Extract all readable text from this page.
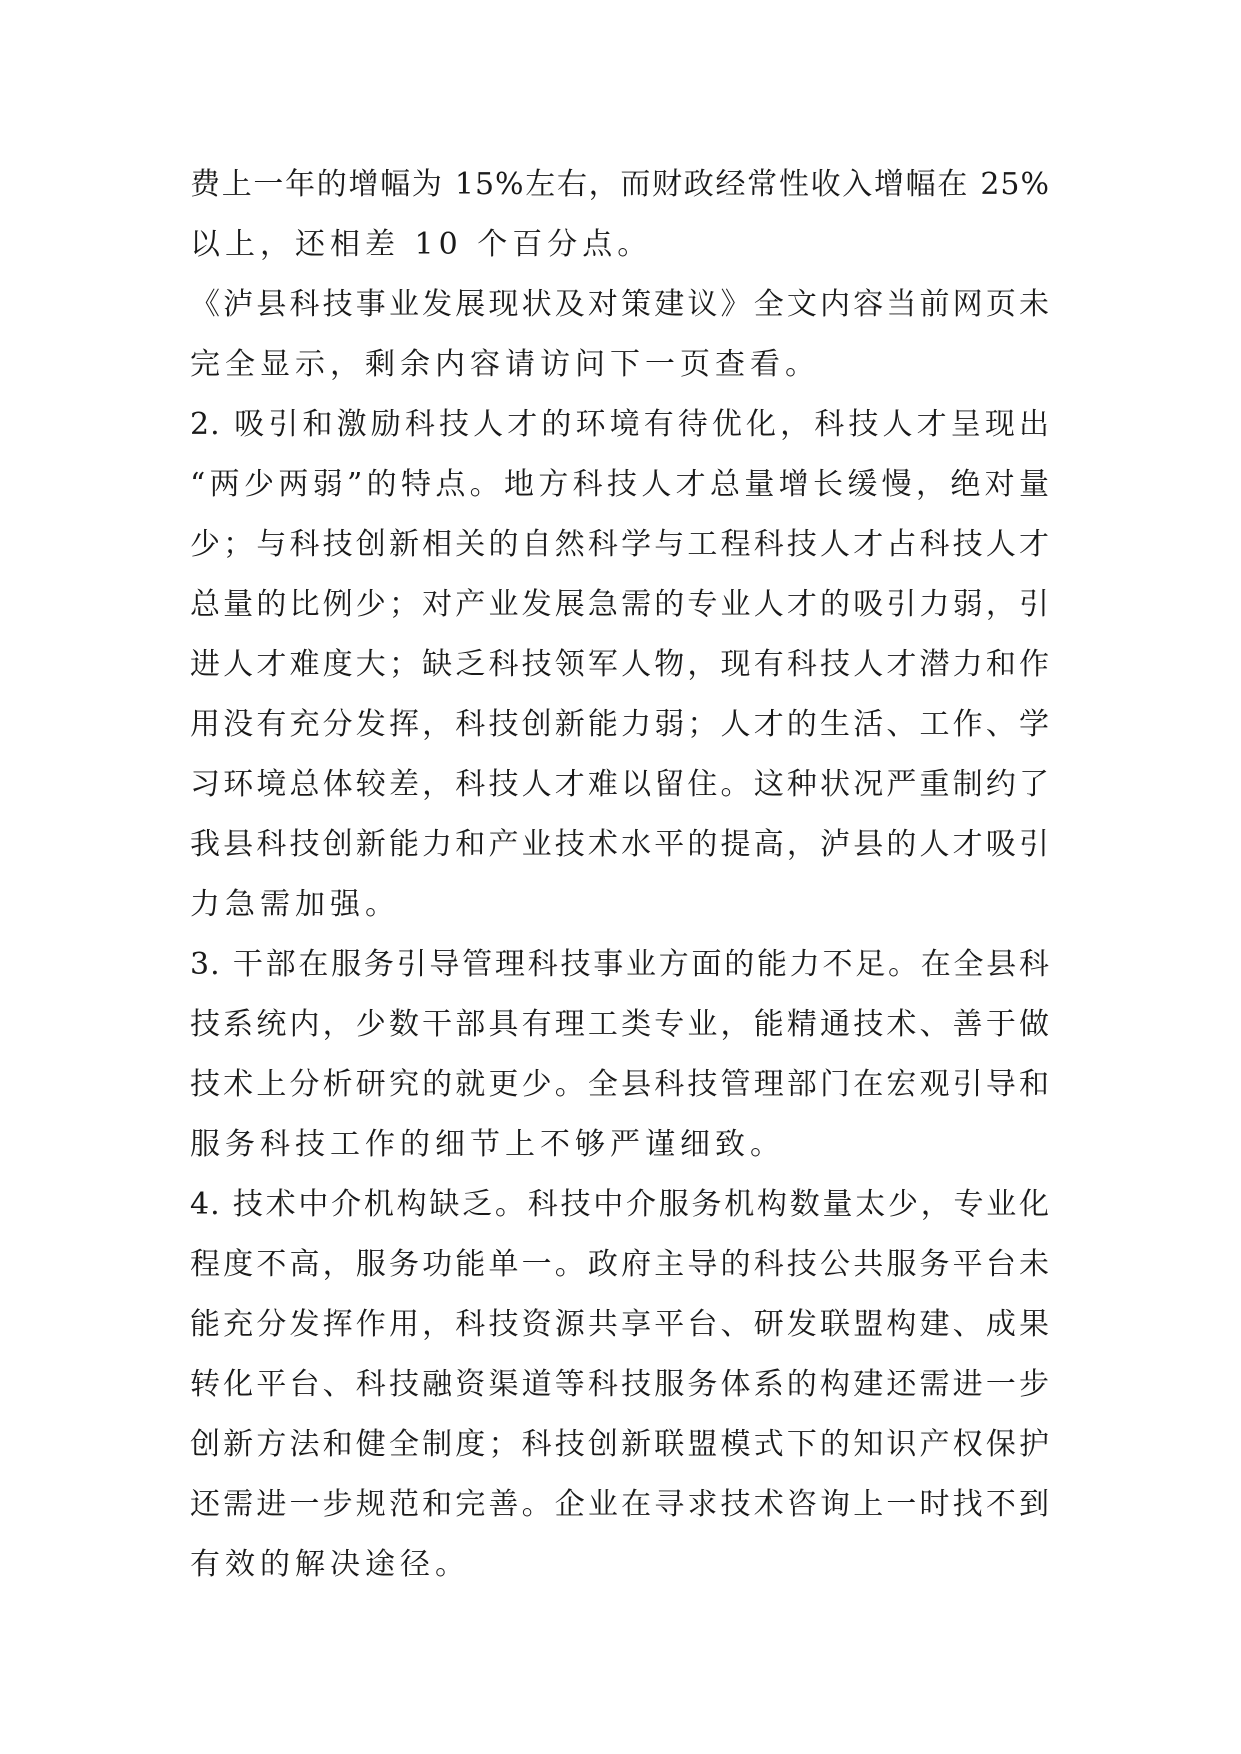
费上一年的增幅为 15%左右，而财政经常性收入增幅在 25%
以上，还相差 10 个百分点。
《泸县科技事业发展现状及对策建议》全文内容当前网页未
完全显示，剩余内容请访问下一页查看。
2. 吸引和激励科技人才的环境有待优化，科技人才呈现出
“两少两弱”的特点。地方科技人才总量增长缓慢，绝对量
少；与科技创新相关的自然科学与工程科技人才占科技人才
总量的比例少；对产业发展急需的专业人才的吸引力弱，引
进人才难度大；缺乏科技领军人物，现有科技人才潜力和作
用没有充分发挥，科技创新能力弱；人才的生活、工作、学
习环境总体较差，科技人才难以留住。这种状况严重制约了
我县科技创新能力和产业技术水平的提高，泸县的人才吸引
力急需加强。
3. 干部在服务引导管理科技事业方面的能力不足。在全县科
技系统内，少数干部具有理工类专业，能精通技术、善于做
技术上分析研究的就更少。全县科技管理部门在宏观引导和
服务科技工作的细节上不够严谨细致。
4. 技术中介机构缺乏。科技中介服务机构数量太少，专业化
程度不高，服务功能单一。政府主导的科技公共服务平台未
能充分发挥作用，科技资源共享平台、研发联盟构建、成果
转化平台、科技融资渠道等科技服务体系的构建还需进一步
创新方法和健全制度；科技创新联盟模式下的知识产权保护
还需进一步规范和完善。企业在寻求技术咨询上一时找不到
有效的解决途径。
